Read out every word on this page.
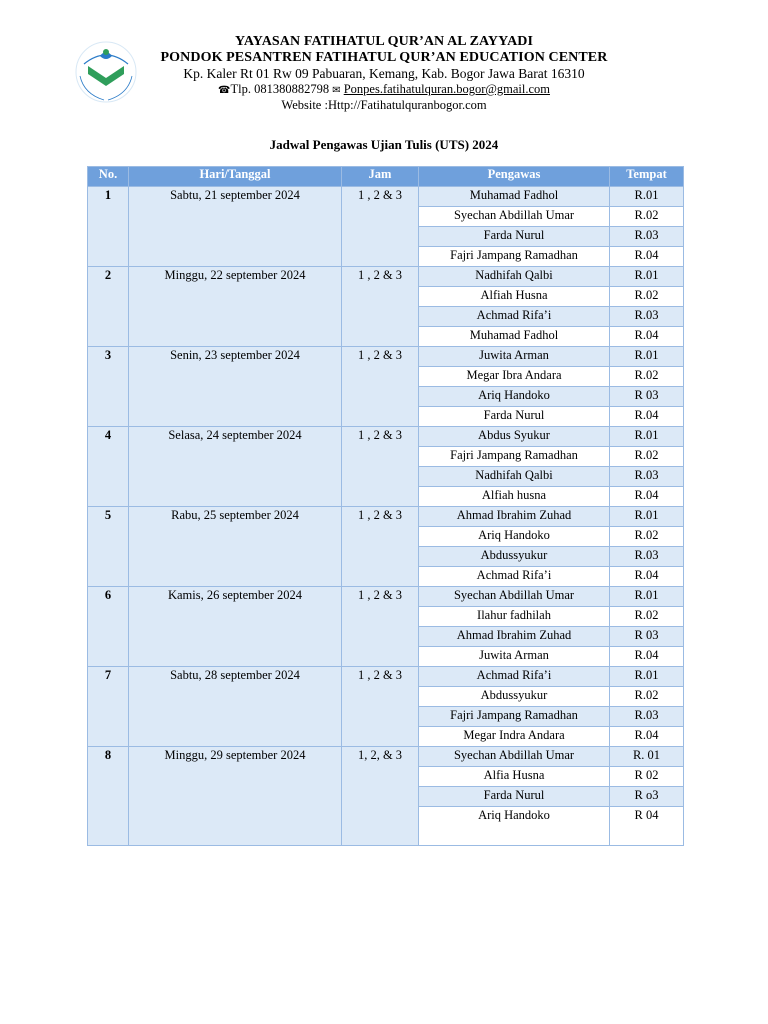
YAYASAN FATIHATUL QUR’AN AL ZAYYADI
PONDOK PESANTREN FATIHATUL QUR’AN EDUCATION CENTER
Kp. Kaler Rt 01 Rw 09 Pabuaran, Kemang, Kab. Bogor Jawa Barat 16310
☎Tlp. 081380882798 ✉ Ponpes.fatihatulquran.bogor@gmail.com
Website :Http://Fatihatulquranbogor.com
Jadwal Pengawas Ujian Tulis (UTS) 2024
No.	Hari/Tanggal	Jam	Pengawas	Tempat
1	Sabtu, 21 september 2024	1 , 2 & 3	Muhamad Fadhol	R.01
			Syechan Abdillah Umar	R.02
			Farda Nurul	R.03
			Fajri Jampang Ramadhan	R.04
2	Minggu, 22 september 2024	1 , 2 & 3	Nadhifah Qalbi	R.01
			Alfiah Husna	R.02
			Achmad Rifa’i	R.03
			Muhamad Fadhol	R.04
3	Senin, 23 september 2024	1 , 2 & 3	Juwita Arman	R.01
			Megar Ibra Andara	R.02
			Ariq Handoko	R 03
			Farda Nurul	R.04
4	Selasa, 24 september 2024	1 , 2 & 3	Abdus Syukur	R.01
			Fajri Jampang Ramadhan	R.02
			Nadhifah Qalbi	R.03
			Alfiah husna	R.04
5	Rabu, 25 september 2024	1 , 2 & 3	Ahmad Ibrahim Zuhad	R.01
			Ariq Handoko	R.02
			Abdussyukur	R.03
			Achmad Rifa’i	R.04
6	Kamis, 26 september 2024	1 , 2 & 3	Syechan Abdillah Umar	R.01
			Ilahur fadhilah	R.02
			Ahmad Ibrahim Zuhad	R 03
			Juwita Arman	R.04
7	Sabtu, 28 september 2024	1 , 2 & 3	Achmad Rifa’i	R.01
			Abdussyukur	R.02
			Fajri Jampang Ramadhan	R.03
			Megar Indra Andara	R.04
8	Minggu, 29 september 2024	1, 2, & 3	Syechan Abdillah Umar	R. 01
			Alfia Husna	R 02
			Farda Nurul	R o3
			Ariq Handoko	R 04
